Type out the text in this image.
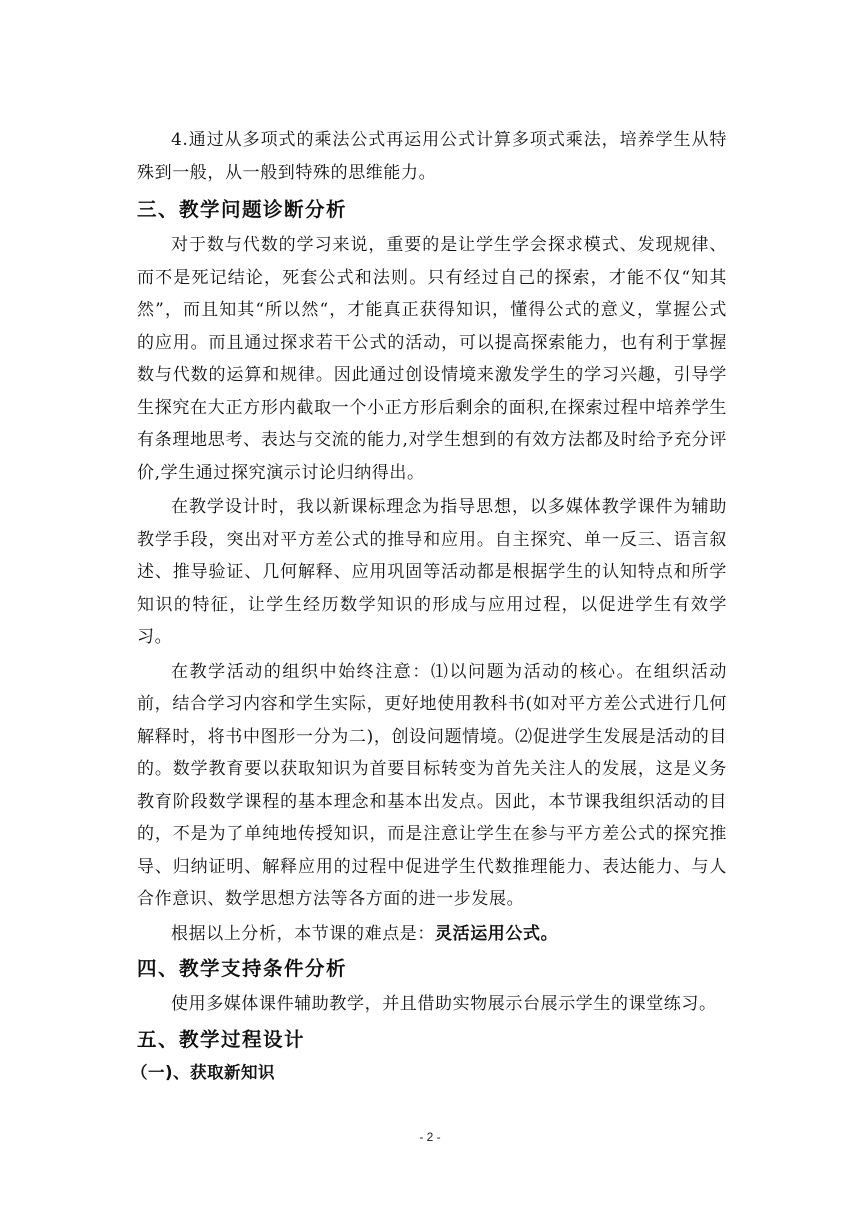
4.通过从多项式的乘法公式再运用公式计算多项式乘法，培养学生从特殊到一般，从一般到特殊的思维能力。

三、教学问题诊断分析

对于数与代数的学习来说，重要的是让学生学会探求模式、发现规律、而不是死记结论，死套公式和法则。只有经过自己的探索，才能不仅“知其然”，而且知其“所以然“，才能真正获得知识，懂得公式的意义，掌握公式的应用。而且通过探求若干公式的活动，可以提高探索能力，也有利于掌握数与代数的运算和规律。因此通过创设情境来激发学生的学习兴趣，引导学生探究在大正方形内截取一个小正方形后剩余的面积,在探索过程中培养学生有条理地思考、表达与交流的能力,对学生想到的有效方法都及时给予充分评价,学生通过探究演示讨论归纳得出。

在教学设计时，我以新课标理念为指导思想，以多媒体教学课件为辅助教学手段，突出对平方差公式的推导和应用。自主探究、单一反三、语言叙述、推导验证、几何解释、应用巩固等活动都是根据学生的认知特点和所学知识的特征，让学生经历数学知识的形成与应用过程，以促进学生有效学习。

在教学活动的组织中始终注意：⑴以问题为活动的核心。在组织活动前，结合学习内容和学生实际，更好地使用教科书(如对平方差公式进行几何解释时，将书中图形一分为二)，创设问题情境。⑵促进学生发展是活动的目的。数学教育要以获取知识为首要目标转变为首先关注人的发展，这是义务教育阶段数学课程的基本理念和基本出发点。因此，本节课我组织活动的目的，不是为了单纯地传授知识，而是注意让学生在参与平方差公式的探究推导、归纳证明、解释应用的过程中促进学生代数推理能力、表达能力、与人合作意识、数学思想方法等各方面的进一步发展。

根据以上分析，本节课的难点是：灵活运用公式。

四、教学支持条件分析

使用多媒体课件辅助教学，并且借助实物展示台展示学生的课堂练习。

五、教学过程设计
（一)、获取新知识
- 2 -
